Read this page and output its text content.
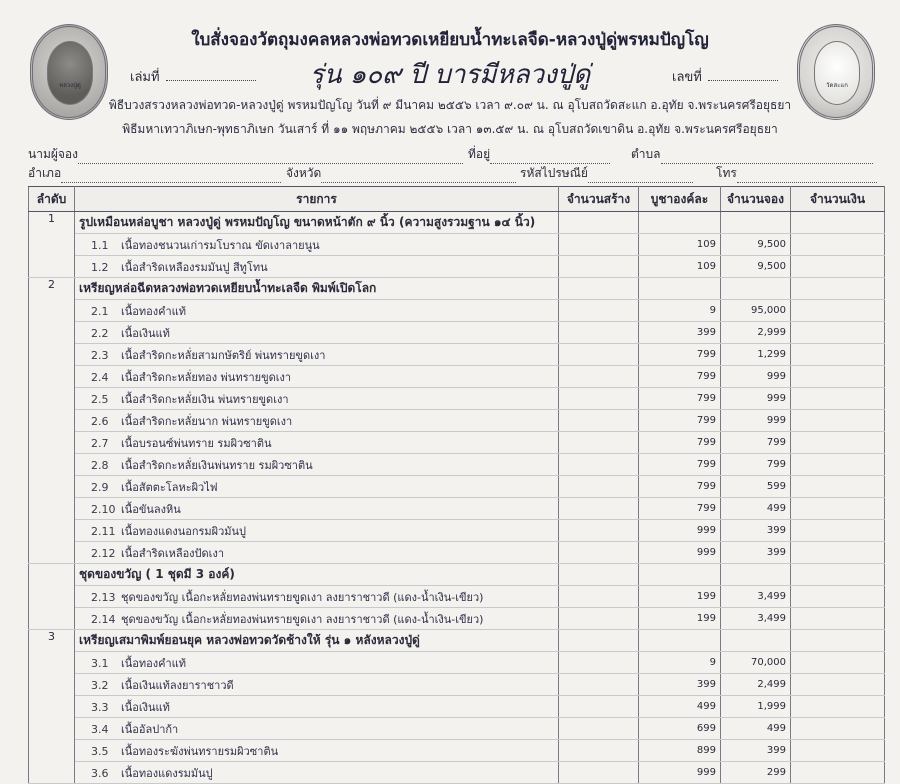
หลวงปู่ดู่	วัดสะแก
ใบสั่งจองวัตถุมงคลหลวงพ่อทวดเหยียบน้ำทะเลจืด-หลวงปู่ดู่พรหมปัญโญ
รุ่น ๑๐๙ ปี บารมีหลวงปู่ดู่
เล่มที่	เลขที่
พิธีบวงสรวงหลวงพ่อทวด-หลวงปู่ดู่ พรหมปัญโญ วันที่ ๙ มีนาคม ๒๕๕๖ เวลา ๙.๐๙ น. ณ อุโบสถวัดสะแก อ.อุทัย จ.พระนครศรีอยุธยา
พิธีมหาเทวาภิเษก-พุทธาภิเษก วันเสาร์ ที่ ๑๑ พฤษภาคม ๒๕๕๖ เวลา ๑๓.๕๙ น. ณ อุโบสถวัดเขาดิน อ.อุทัย จ.พระนครศรีอยุธยา
นามผู้จอง	ที่อยู่	ตำบล
อำเภอ	จังหวัด	รหัสไปรษณีย์	โทร
ลำดับ	รายการ	จำนวนสร้าง	บูชาองค์ละ	จำนวนจอง	จำนวนเงิน
1	รูปเหมือนหล่อบูชา หลวงปู่ดู่ พรหมปัญโญ ขนาดหน้าตัก ๙ นิ้ว (ความสูงรวมฐาน ๑๔ นิ้ว)				
	1.1 เนื้อทองชนวนเก่ารมโบราณ ขัดเงาลายนูน		109	9,500	
	1.2 เนื้อสำริดเหลืองรมมันปู สีทูโทน		109	9,500	
2	เหรียญหล่อฉีดหลวงพ่อทวดเหยียบน้ำทะเลจืด พิมพ์เปิดโลก				
	2.1 เนื้อทองคำแท้		9	95,000	
	2.2 เนื้อเงินแท้		399	2,999	
	2.3 เนื้อสำริดกะหลั่ยสามกษัตริย์ พ่นทรายขูดเงา		799	1,299	
	2.4 เนื้อสำริดกะหลั่ยทอง พ่นทรายขูดเงา		799	999	
	2.5 เนื้อสำริดกะหลั่ยเงิน พ่นทรายขูดเงา		799	999	
	2.6 เนื้อสำริดกะหลั่ยนาก พ่นทรายขูดเงา		799	999	
	2.7 เนื้อบรอนซ์พ่นทราย รมผิวซาติน		799	799	
	2.8 เนื้อสำริดกะหลั่ยเงินพ่นทราย รมผิวซาติน		799	799	
	2.9 เนื้อสัตตะโลหะผิวไฟ		799	599	
	2.10 เนื้อขันลงหิน		799	499	
	2.11 เนื้อทองแดงนอกรมผิวมันปู		999	399	
	2.12 เนื้อสำริดเหลืองปัดเงา		999	399	
	ชุดของขวัญ ( 1 ชุดมี 3 องค์)				
	2.13 ชุดของขวัญ เนื้อกะหลั่ยทองพ่นทรายขูดเงา ลงยาราชาวดี (แดง-น้ำเงิน-เขียว)		199	3,499	
	2.14 ชุดของขวัญ เนื้อกะหลั่ยทองพ่นทรายขูดเงา ลงยาราชาวดี (แดง-น้ำเงิน-เขียว)		199	3,499	
3	เหรียญเสมาพิมพ์ยอนยุค หลวงพ่อทวดวัดช้างให้ รุ่น ๑ หลังหลวงปู่ดู่				
	3.1 เนื้อทองคำแท้		9	70,000	
	3.2 เนื้อเงินแท้ลงยาราชาวดี		399	2,499	
	3.3 เนื้อเงินแท้		499	1,999	
	3.4 เนื้ออัลปาก้า		699	499	
	3.5 เนื้อทองระฆังพ่นทรายรมผิวซาติน		899	399	
	3.6 เนื้อทองแดงรมมันปู		999	299	
